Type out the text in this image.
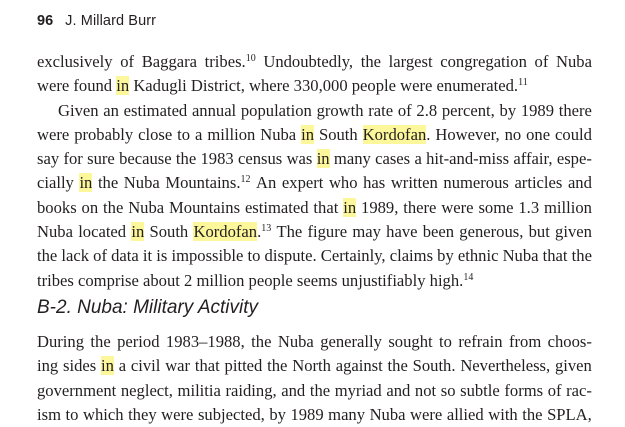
96 J. Millard Burr
exclusively of Baggara tribes.$^{10}$ Undoubtedly, the largest congregation of Nuba
were found in Kadugli District, where 330,000 people were enumerated.$^{11}$
Given an estimated annual population growth rate of 2.8 percent, by 1989 there
were probably close to a million Nuba in South Kordofan. However, no one could
say for sure because the 1983 census was in many cases a hit-and-miss affair, espe-
cially in the Nuba Mountains.$^{12}$ An expert who has written numerous articles and
books on the Nuba Mountains estimated that in 1989, there were some 1.3 million
Nuba located in South Kordofan.$^{13}$ The figure may have been generous, but given
the lack of data it is impossible to dispute. Certainly, claims by ethnic Nuba that the
tribes comprise about 2 million people seems unjustifiably high.$^{14}$
B-2. Nuba: Military Activity
During the period 1983–1988, the Nuba generally sought to refrain from choos-
ing sides in a civil war that pitted the North against the South. Nevertheless, given
government neglect, militia raiding, and the myriad and not so subtle forms of rac-
ism to which they were subjected, by 1989 many Nuba were allied with the SPLA,
